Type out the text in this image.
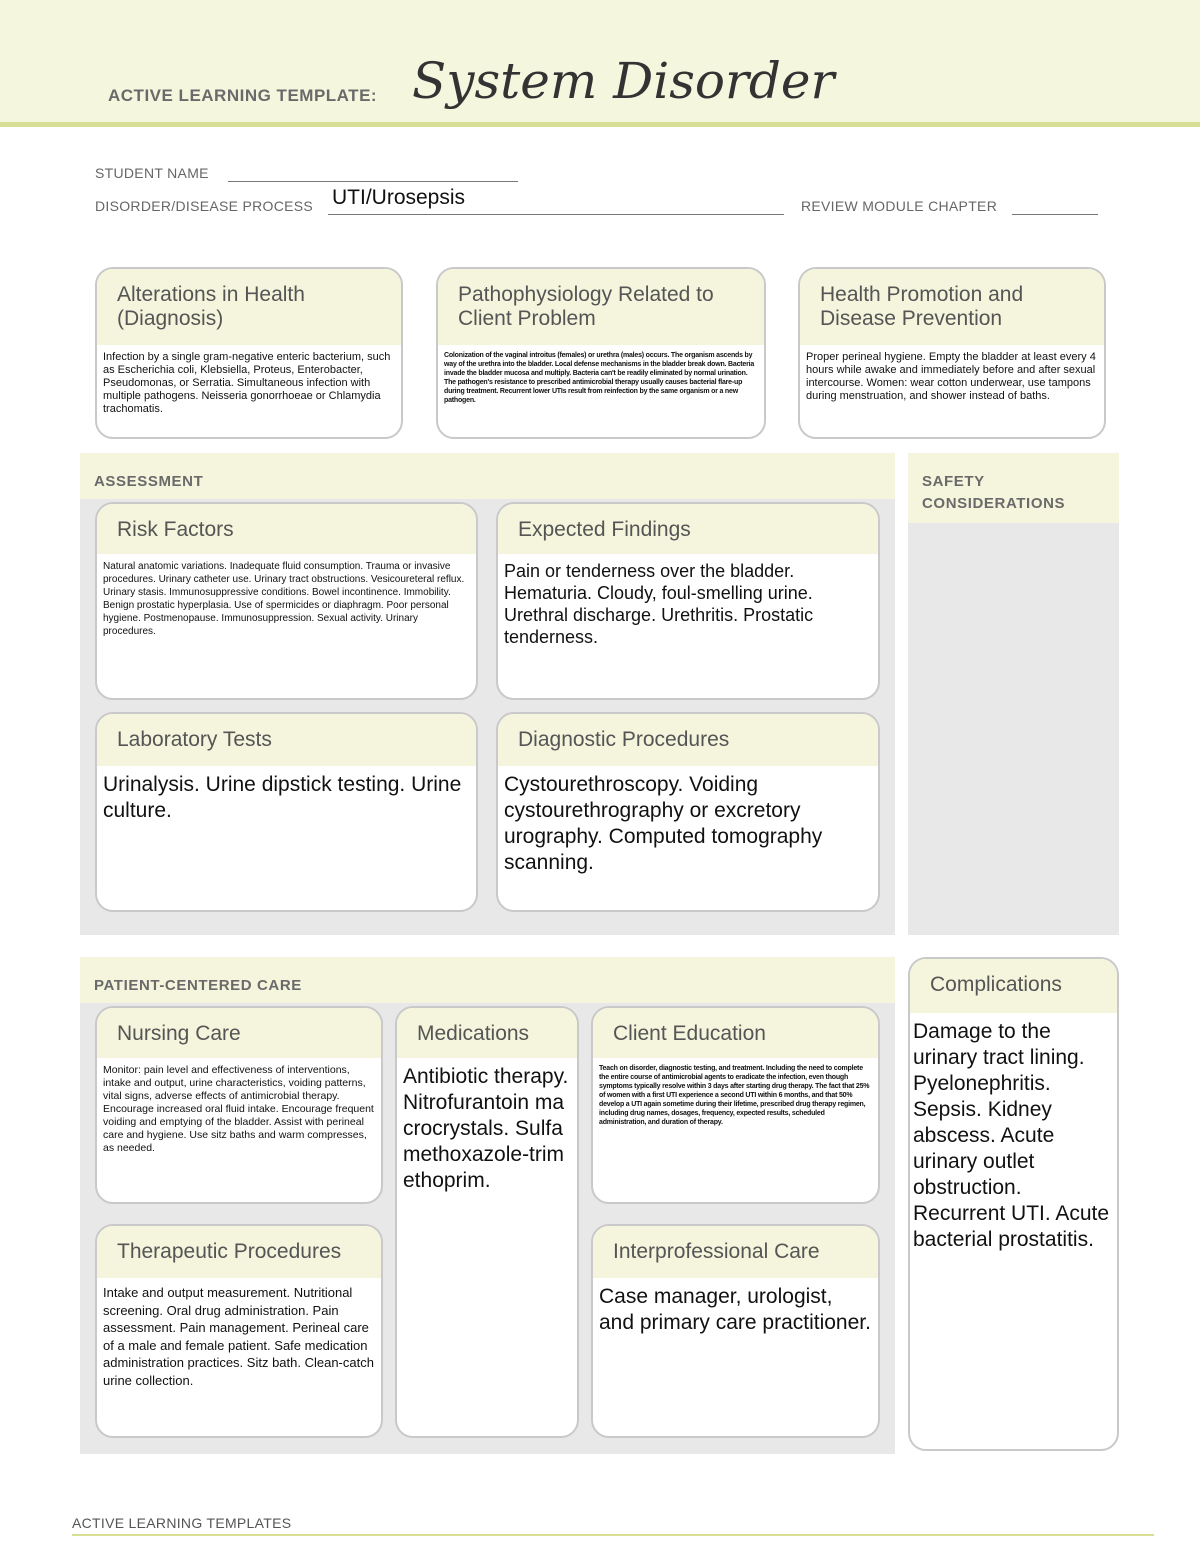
ACTIVE LEARNING TEMPLATE: System Disorder
STUDENT NAME
DISORDER/DISEASE PROCESS UTI/Urosepsis	REVIEW MODULE CHAPTER
Alterations in Health (Diagnosis)
Infection by a single gram-negative enteric bacterium, such as Escherichia coli, Klebsiella, Proteus, Enterobacter, Pseudomonas, or Serratia. Simultaneous infection with multiple pathogens. Neisseria gonorrhoeae or Chlamydia trachomatis.
Pathophysiology Related to Client Problem
Colonization of the vaginal introitus (females) or urethra (males) occurs. The organism ascends by way of the urethra into the bladder. Local defense mechanisms in the bladder break down. Bacteria invade the bladder mucosa and multiply. Bacteria can't be readily eliminated by normal urination. The pathogen's resistance to prescribed antimicrobial therapy usually causes bacterial flare-up during treatment. Recurrent lower UTIs result from reinfection by the same organism or a new pathogen.
Health Promotion and Disease Prevention
Proper perineal hygiene. Empty the bladder at least every 4 hours while awake and immediately before and after sexual intercourse. Women: wear cotton underwear, use tampons during menstruation, and shower instead of baths.
ASSESSMENT
Risk Factors
Natural anatomic variations. Inadequate fluid consumption. Trauma or invasive procedures. Urinary catheter use. Urinary tract obstructions. Vesicoureteral reflux. Urinary stasis. Immunosuppressive conditions. Bowel incontinence. Immobility. Benign prostatic hyperplasia. Use of spermicides or diaphragm. Poor personal hygiene. Postmenopause. Immunosuppression. Sexual activity. Urinary procedures.
Expected Findings
Pain or tenderness over the bladder. Hematuria. Cloudy, foul-smelling urine. Urethral discharge. Urethritis. Prostatic tenderness.
Laboratory Tests
Urinalysis. Urine dipstick testing. Urine culture.
Diagnostic Procedures
Cystourethroscopy. Voiding cystourethrography or excretory urography. Computed tomography scanning.
SAFETY CONSIDERATIONS
PATIENT-CENTERED CARE
Nursing Care
Monitor: pain level and effectiveness of interventions, intake and output, urine characteristics, voiding patterns, vital signs, adverse effects of antimicrobial therapy. Encourage increased oral fluid intake. Encourage frequent voiding and emptying of the bladder. Assist with perineal care and hygiene. Use sitz baths and warm compresses, as needed.
Medications
Antibiotic therapy. Nitrofurantoin macrocrystals. Sulfamethoxazole-trimethoprim.
Client Education
Teach on disorder, diagnostic testing, and treatment. Including the need to complete the entire course of antimicrobial agents to eradicate the infection, even though symptoms typically resolve within 3 days after starting drug therapy. The fact that 25% of women with a first UTI experience a second UTI within 6 months, and that 50% develop a UTI again sometime during their lifetime, prescribed drug therapy regimen, including drug names, dosages, frequency, expected results, scheduled administration, and duration of therapy.
Therapeutic Procedures
Intake and output measurement. Nutritional screening. Oral drug administration. Pain assessment. Pain management. Perineal care of a male and female patient. Safe medication administration practices. Sitz bath. Clean-catch urine collection.
Interprofessional Care
Case manager, urologist, and primary care practitioner.
Complications
Damage to the urinary tract lining. Pyelonephritis. Sepsis. Kidney abscess. Acute urinary outlet obstruction. Recurrent UTI. Acute bacterial prostatitis.
ACTIVE LEARNING TEMPLATES
